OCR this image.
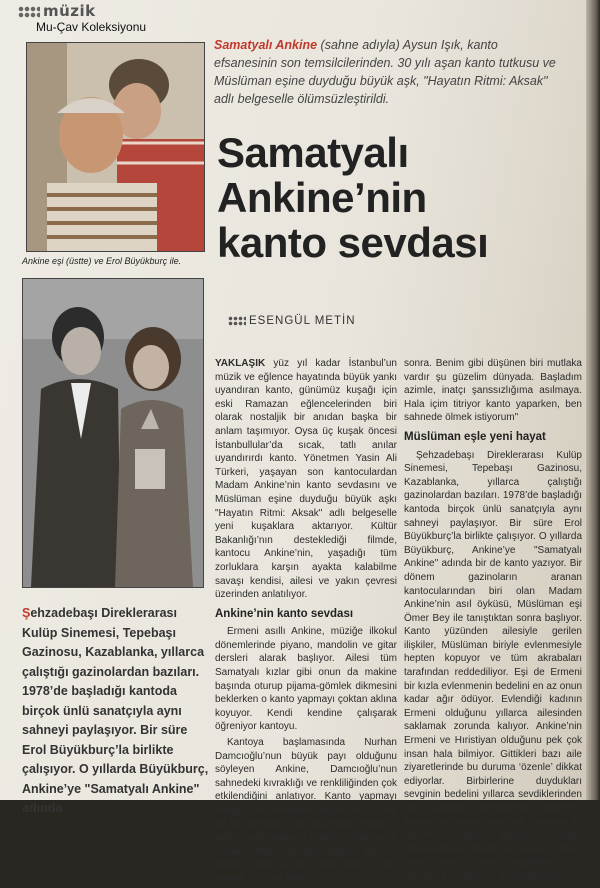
müzik
Mu-Çav Koleksiyonu
Ankine eşi (üstte) ve Erol Büyükburç ile.
Samatyalı Ankine (sahne adıyla) Aysun Işık, kanto efsanesinin son temsilcilerinden. 30 yılı aşan kanto tutkusu ve Müslüman eşine duyduğu büyük aşk, "Hayatın Ritmi: Aksak" adlı belgeselle ölümsüzleştirildi.
Samatyalı
Ankine’nin
kanto sevdası
ESENGÜL METİN

YAKLAŞIK yüz yıl kadar İstanbul’un müzik ve eğlence hayatında büyük yankı uyandıran kanto, günümüz kuşağı için eski Ramazan eğlencelerinden biri olarak nostaljik bir anıdan başka bir anlam taşımıyor. Oysa üç kuşak öncesi İstanbullular’da sıcak, tatlı anılar uyandırırdı kanto. Yönetmen Yasin Ali Türkeri, yaşayan son kantoculardan Madam Ankine’nin kanto sevdasını ve Müslüman eşine duyduğu büyük aşkı "Hayatın Ritmi: Aksak" adlı belgeselle yeni kuşaklara aktarıyor. Kültür Bakanlığı’nın desteklediği filmde, kantocu Ankine’nin, yaşadığı tüm zorluklara karşın ayakta kalabilme savaşı kendisi, ailesi ve yakın çevresi üzerinden anlatılıyor.

Ankine’nin kanto sevdası

Ermeni asıllı Ankine, müziğe ilkokul dönemlerinde piyano, mandolin ve gitar dersleri alarak başlıyor. Ailesi tüm Samatyalı kızlar gibi onun da makine başında oturup pijama-gömlek dikmesini beklerken o kanto yapmayı çoktan aklına koyuyor. Kendi kendine çalışarak öğreniyor kantoyu.

Kantoya başlamasında Nurhan Damcıoğlu’nun büyük payı olduğunu söyleyen Ankine, Damcıoğlu’nun sahnedeki kıvraklığı ve renkliliğinden çok etkilendiğini anlatıyor. Kanto yapmayı seçtiği için ailesinden büyük tepki alsa da hiç yılmadan yoluna devam ediyor. O yılları şöyle anlatıyor Ankine: "Yıllarca ne zorluk çektim. Ne aşamalardan geçtim, kimiler yaktı canımı, acıttı içimi. Çoğu zaman zor oldu kimi

sonra. Benim gibi düşünen biri mutlaka vardır şu güzelim dünyada. Başladım azimle, inatçı şanssızlığıma asılmaya. Hala içim titriyor kanto yaparken, ben sahnede ölmek istiyorum"

Müslüman eşle yeni hayat

Şehzadebaşı Direklerarası Kulüp Sinemesi, Tepebaşı Gazinosu, Kazablanka, yıllarca çalıştığı gazinolardan bazıları. 1978’de başladığı kantoda birçok ünlü sanatçıyla aynı sahneyi paylaşıyor. Bir süre Erol Büyükburç’la birlikte çalışıyor. O yıllarda Büyükburç, Ankine’ye "Samatyalı Ankine" adında bir de kanto yazıyor. Bir dönem gazinoların aranan kantocularından biri olan Madam Ankine’nin asıl öyküsü, Müslüman eşi Ömer Bey ile tanıştıktan sonra başlıyor. Kanto yüzünden ailesiyle gerilen ilişkiler, Müslüman biriyle evlenmesiyle hepten kopuyor ve tüm akrabaları tarafından reddediliyor. Eşi de Ermeni bir kızla evlenmenin bedelini en az onun kadar ağır ödüyor. Evlendiği kadının Ermeni olduğunu yıllarca ailesinden saklamak zorunda kalıyor. Ankine’nin Ermeni ve Hıristiyan olduğunu pek çok insan hala bilmiyor. Gittikleri bazı aile ziyaretlerinde bu duruma ‘özenle’ dikkat ediyorlar. Birbirlerine duydukları sevginin bedelini yıllarca sevdiklerinden ayrı kalarak ödediklerini söyleyen Ankine, aç kaldıklarını, tek çocukları ile da’ıyet islamiş bayat ekmekle doyurduklarını günleri anlatırken gözleri hala dolup, ama sevgilerinin ne pişmanlık hiçbir şeye yitirmediklerini

Şehzadebaşı Direklerarası Kulüp Sinemesi, Tepebaşı Gazinosu, Kazablanka, yıllarca çalıştığı gazinolardan bazıları. 1978’de başladığı kantoda birçok ünlü sanatçıyla aynı sahneyi paylaşıyor. Bir süre Erol Büyükburç’la birlikte çalışıyor. O yıllarda Büyükburç, Ankine’ye "Samatyalı Ankine" adında
